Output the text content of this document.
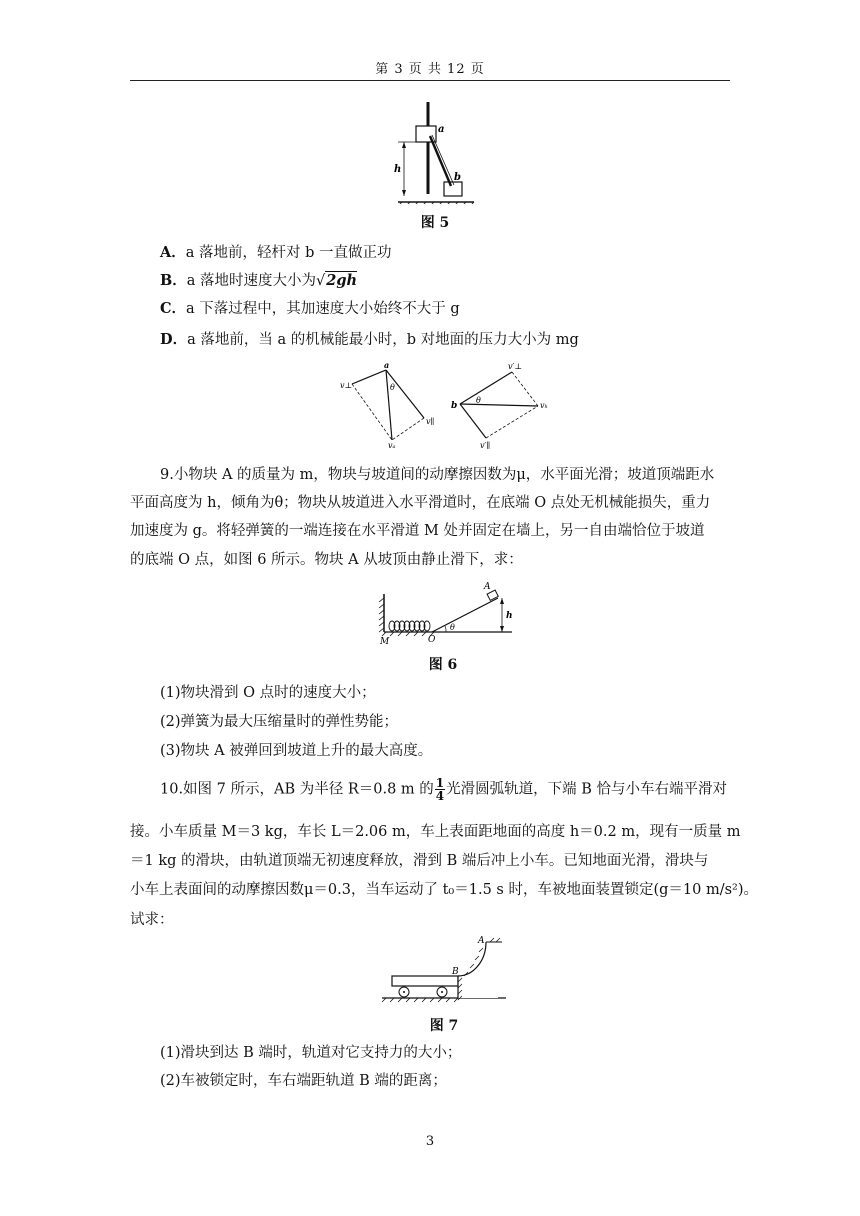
第 3 页 共 12 页
a
b
h
图 5
A．a 落地前，轻杆对 b 一直做正功
B．a 落地时速度大小为√2gh
C．a 下落过程中，其加速度大小始终不大于 g
D．a 落地前，当 a 的机械能最小时，b 对地面的压力大小为 mg
a
v⊥	θ
v∥
vₐ
b
v′⊥
θ
vₕ
v′∥
9.小物块 A 的质量为 m，物块与坡道间的动摩擦因数为μ，水平面光滑；坡道顶端距水
平面高度为 h，倾角为θ；物块从坡道进入水平滑道时，在底端 O 点处无机械能损失，重力
加速度为 g。将轻弹簧的一端连接在水平滑道 M 处并固定在墙上，另一自由端恰位于坡道
的底端 O 点，如图 6 所示。物块 A 从坡顶由静止滑下，求：
A
h
M	O
θ
图 6
(1)物块滑到 O 点时的速度大小；
(2)弹簧为最大压缩量时的弹性势能；
(3)物块 A 被弹回到坡道上升的最大高度。
10.如图 7 所示，AB 为半径 R＝0.8 m 的 $\frac{1}{4}$ 光滑圆弧轨道，下端 B 恰与小车右端平滑对
接。小车质量 M＝3 kg，车长 L＝2.06 m，车上表面距地面的高度 h＝0.2 m，现有一质量 m
＝1 kg 的滑块，由轨道顶端无初速度释放，滑到 B 端后冲上小车。已知地面光滑，滑块与
小车上表面间的动摩擦因数μ＝0.3，当车运动了 t₀＝1.5 s 时，车被地面装置锁定(g＝10 m/s²)。
试求：
A
B
图 7
(1)滑块到达 B 端时，轨道对它支持力的大小；
(2)车被锁定时，车右端距轨道 B 端的距离；
3
